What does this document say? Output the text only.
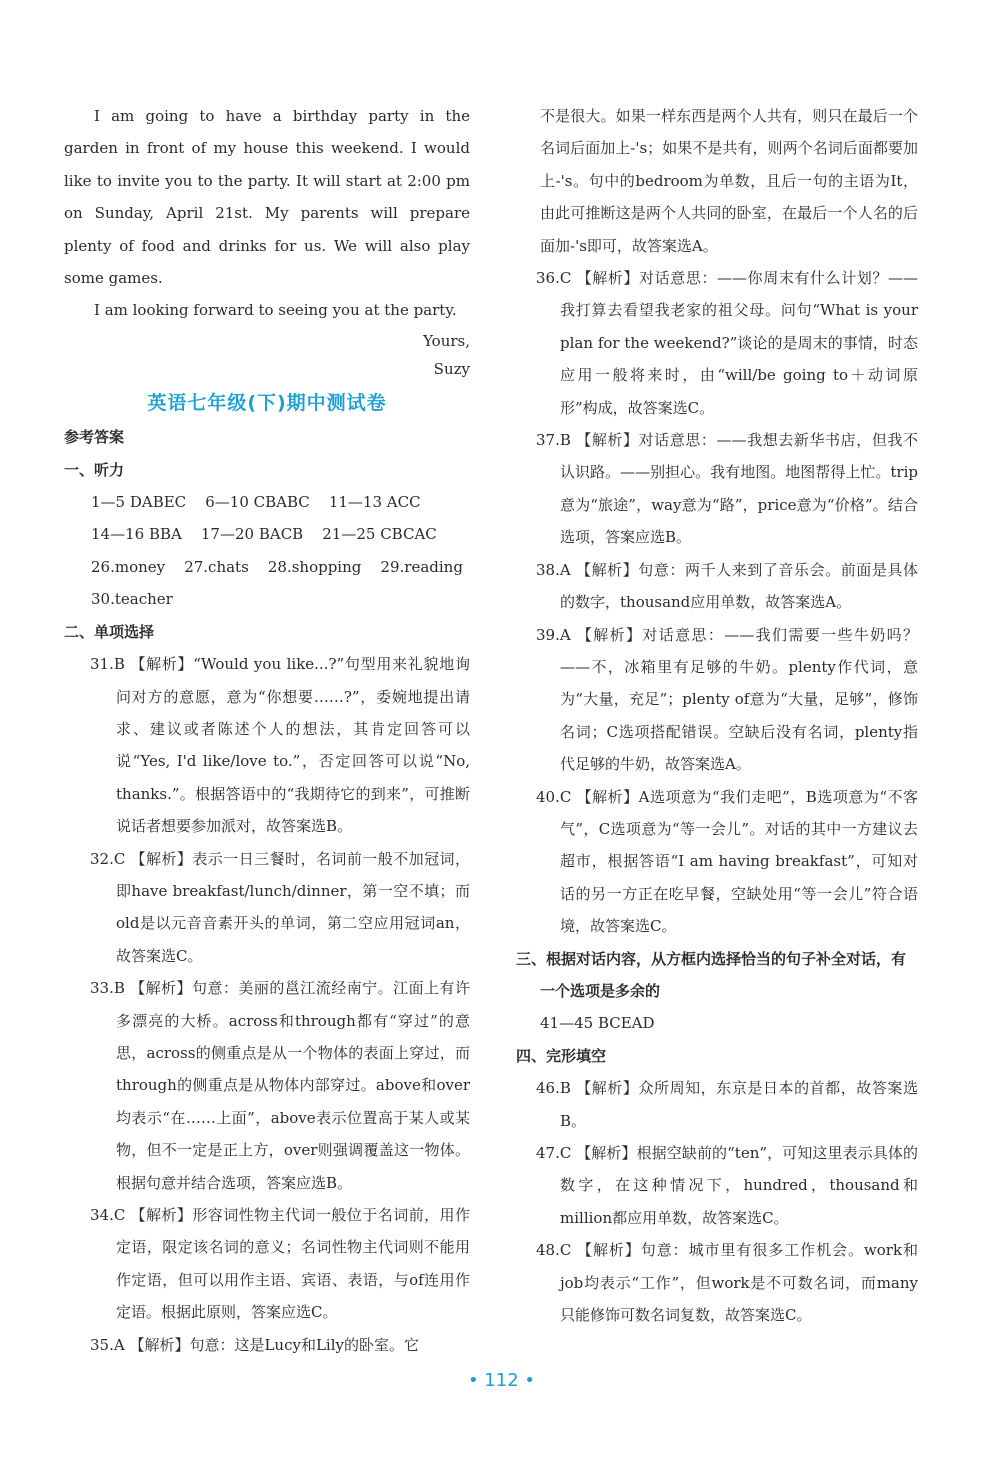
I am going to have a birthday party in the garden in front of my house this weekend. I would like to invite you to the party. It will start at 2:00 pm on Sunday, April 21st. My parents will prepare plenty of food and drinks for us. We will also play some games.

I am looking forward to seeing you at the party.

Yours,

Suzy

英语七年级(下)期中测试卷

参考答案

一、听力

1—5 DABEC    6—10 CBABC    11—13 ACC

14—16 BBA    17—20 BACB    21—25 CBCAC

26.money    27.chats    28.shopping    29.reading

30.teacher

二、单项选择

31.B 【解析】“Would you like...?”句型用来礼貌地询问对方的意愿，意为“你想要……?”，委婉地提出请求、建议或者陈述个人的想法，其肯定回答可以说“Yes, I'd like/love to.”，否定回答可以说“No, thanks.”。根据答语中的“我期待它的到来”，可推断说话者想要参加派对，故答案选B。

32.C 【解析】表示一日三餐时，名词前一般不加冠词，即have breakfast/lunch/dinner，第一空不填；而old是以元音音素开头的单词，第二空应用冠词an，故答案选C。

33.B 【解析】句意：美丽的邕江流经南宁。江面上有许多漂亮的大桥。across和through都有“穿过”的意思，across的侧重点是从一个物体的表面上穿过，而through的侧重点是从物体内部穿过。above和over均表示“在……上面”，above表示位置高于某人或某物，但不一定是正上方，over则强调覆盖这一物体。根据句意并结合选项，答案应选B。

34.C 【解析】形容词性物主代词一般位于名词前，用作定语，限定该名词的意义；名词性物主代词则不能用作定语，但可以用作主语、宾语、表语，与of连用作定语。根据此原则，答案应选C。

35.A 【解析】句意：这是Lucy和Lily的卧室。它

不是很大。如果一样东西是两个人共有，则只在最后一个名词后面加上-'s；如果不是共有，则两个名词后面都要加上-'s。句中的bedroom为单数，且后一句的主语为It，由此可推断这是两个人共同的卧室，在最后一个人名的后面加-'s即可，故答案选A。

36.C 【解析】对话意思：——你周末有什么计划？——我打算去看望我老家的祖父母。问句“What is your plan for the weekend?”谈论的是周末的事情，时态应用一般将来时，由“will/be going to＋动词原形”构成，故答案选C。

37.B 【解析】对话意思：——我想去新华书店，但我不认识路。——别担心。我有地图。地图帮得上忙。trip意为“旅途”，way意为“路”，price意为“价格”。结合选项，答案应选B。

38.A 【解析】句意：两千人来到了音乐会。前面是具体的数字，thousand应用单数，故答案选A。

39.A 【解析】对话意思：——我们需要一些牛奶吗？——不，冰箱里有足够的牛奶。plenty作代词，意为“大量，充足”；plenty of意为“大量，足够”，修饰名词；C选项搭配错误。空缺后没有名词，plenty指代足够的牛奶，故答案选A。

40.C 【解析】A选项意为“我们走吧”，B选项意为“不客气”，C选项意为“等一会儿”。对话的其中一方建议去超市，根据答语“I am having breakfast”，可知对话的另一方正在吃早餐，空缺处用“等一会儿”符合语境，故答案选C。

三、根据对话内容，从方框内选择恰当的句子补全对话，有一个选项是多余的

41—45 BCEAD

四、完形填空

46.B 【解析】众所周知，东京是日本的首都，故答案选B。

47.C 【解析】根据空缺前的“ten”，可知这里表示具体的数字，在这种情况下，hundred，thousand和million都应用单数，故答案选C。

48.C 【解析】句意：城市里有很多工作机会。work和job均表示“工作”，但work是不可数名词，而many只能修饰可数名词复数，故答案选C。

• 112 •
